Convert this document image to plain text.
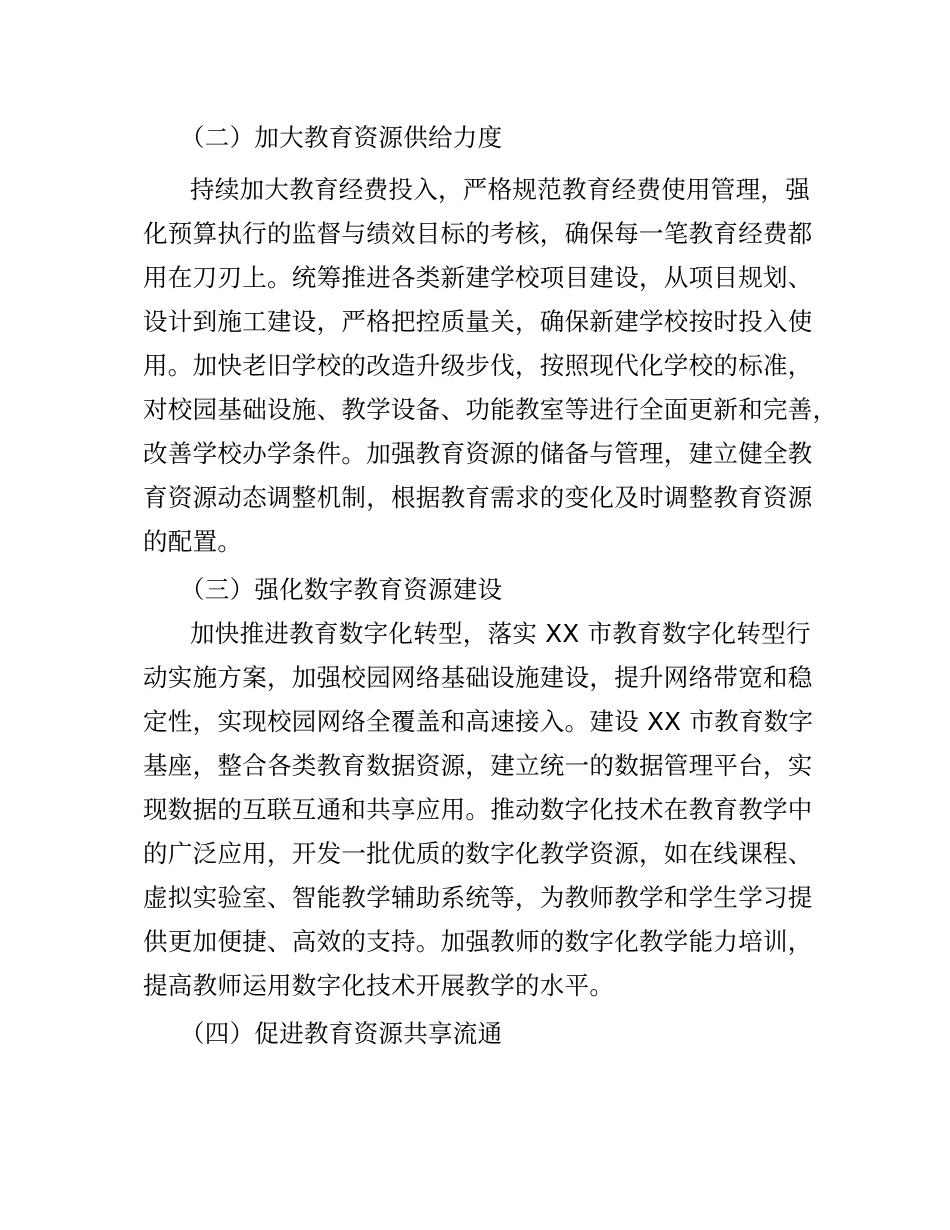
（二）加大教育资源供给力度
持续加大教育经费投入，严格规范教育经费使用管理，强
化预算执行的监督与绩效目标的考核，确保每一笔教育经费都
用在刀刃上。统筹推进各类新建学校项目建设，从项目规划、
设计到施工建设，严格把控质量关，确保新建学校按时投入使
用。加快老旧学校的改造升级步伐，按照现代化学校的标准，
对校园基础设施、教学设备、功能教室等进行全面更新和完善，
改善学校办学条件。加强教育资源的储备与管理，建立健全教
育资源动态调整机制，根据教育需求的变化及时调整教育资源
的配置。
（三）强化数字教育资源建设
加快推进教育数字化转型，落实 XX 市教育数字化转型行
动实施方案，加强校园网络基础设施建设，提升网络带宽和稳
定性，实现校园网络全覆盖和高速接入。建设 XX 市教育数字
基座，整合各类教育数据资源，建立统一的数据管理平台，实
现数据的互联互通和共享应用。推动数字化技术在教育教学中
的广泛应用，开发一批优质的数字化教学资源，如在线课程、
虚拟实验室、智能教学辅助系统等，为教师教学和学生学习提
供更加便捷、高效的支持。加强教师的数字化教学能力培训，
提高教师运用数字化技术开展教学的水平。
（四）促进教育资源共享流通
